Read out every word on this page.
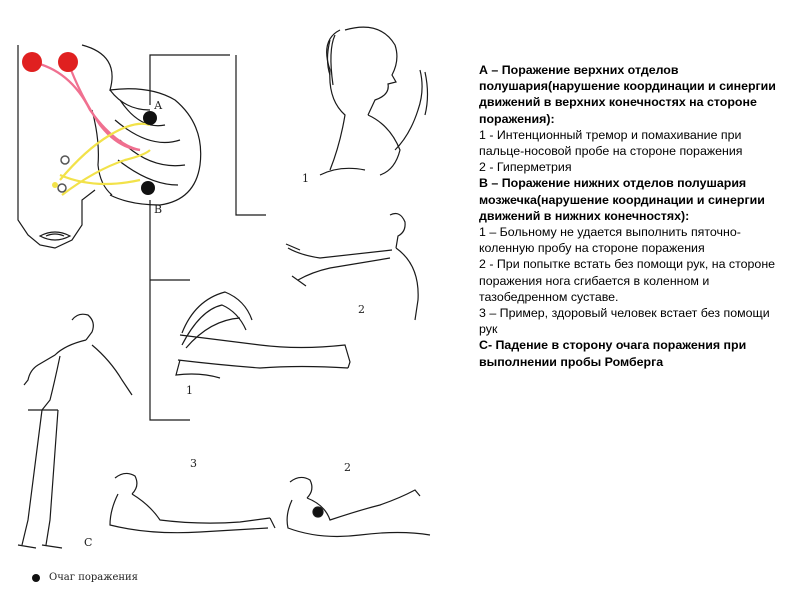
А
В
С
1
2
1
3	2
Очаг поражения

А – Поражение верхних отделов полушария(нарушение координации и синергии движений в верхних конечностях на стороне поражения):

1 - Интенционный тремор и помахивание при пальце-носовой пробе на стороне поражения

2 - Гиперметрия

В – Поражение нижних отделов полушария мозжечка(нарушение координации и синергии движений в нижних конечностях):

1 – Больному не удается выполнить пяточно-коленную пробу на стороне поражения

2 - При попытке встать без помощи рук, на стороне поражения нога сгибается в коленном и тазобедренном суставе.

3 – Пример, здоровый человек встает без помощи рук

С- Падение в сторону очага поражения при выполнении пробы Ромберга
